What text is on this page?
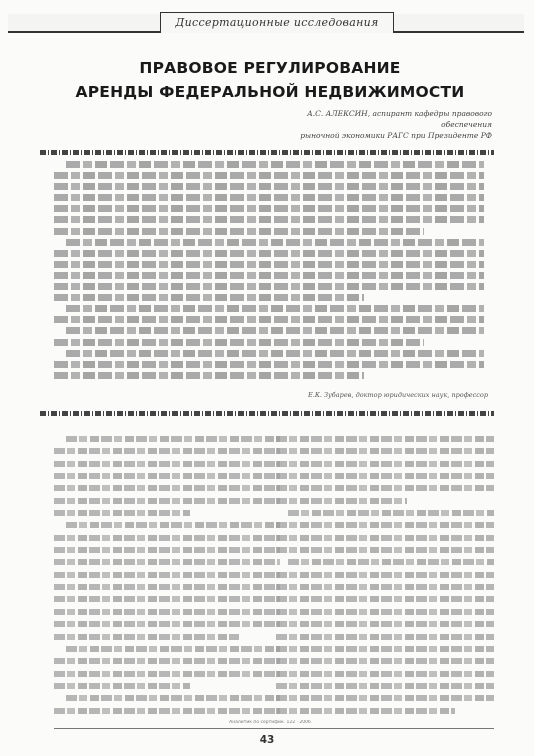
Диссертационные исследования
ПРАВОВОЕ РЕГУЛИРОВАНИЕ
АРЕНДЫ ФЕДЕРАЛЬНОЙ НЕДВИЖИМОСТИ
А.С. АЛЕКСИН, аспирант кафедры правового обеспечения
рыночной экономики РАГС при Президенте РФ
Е.К. Зубарев, доктор юридических наук, профессор
Аналитик по сертифик. 122 · 2006
43
